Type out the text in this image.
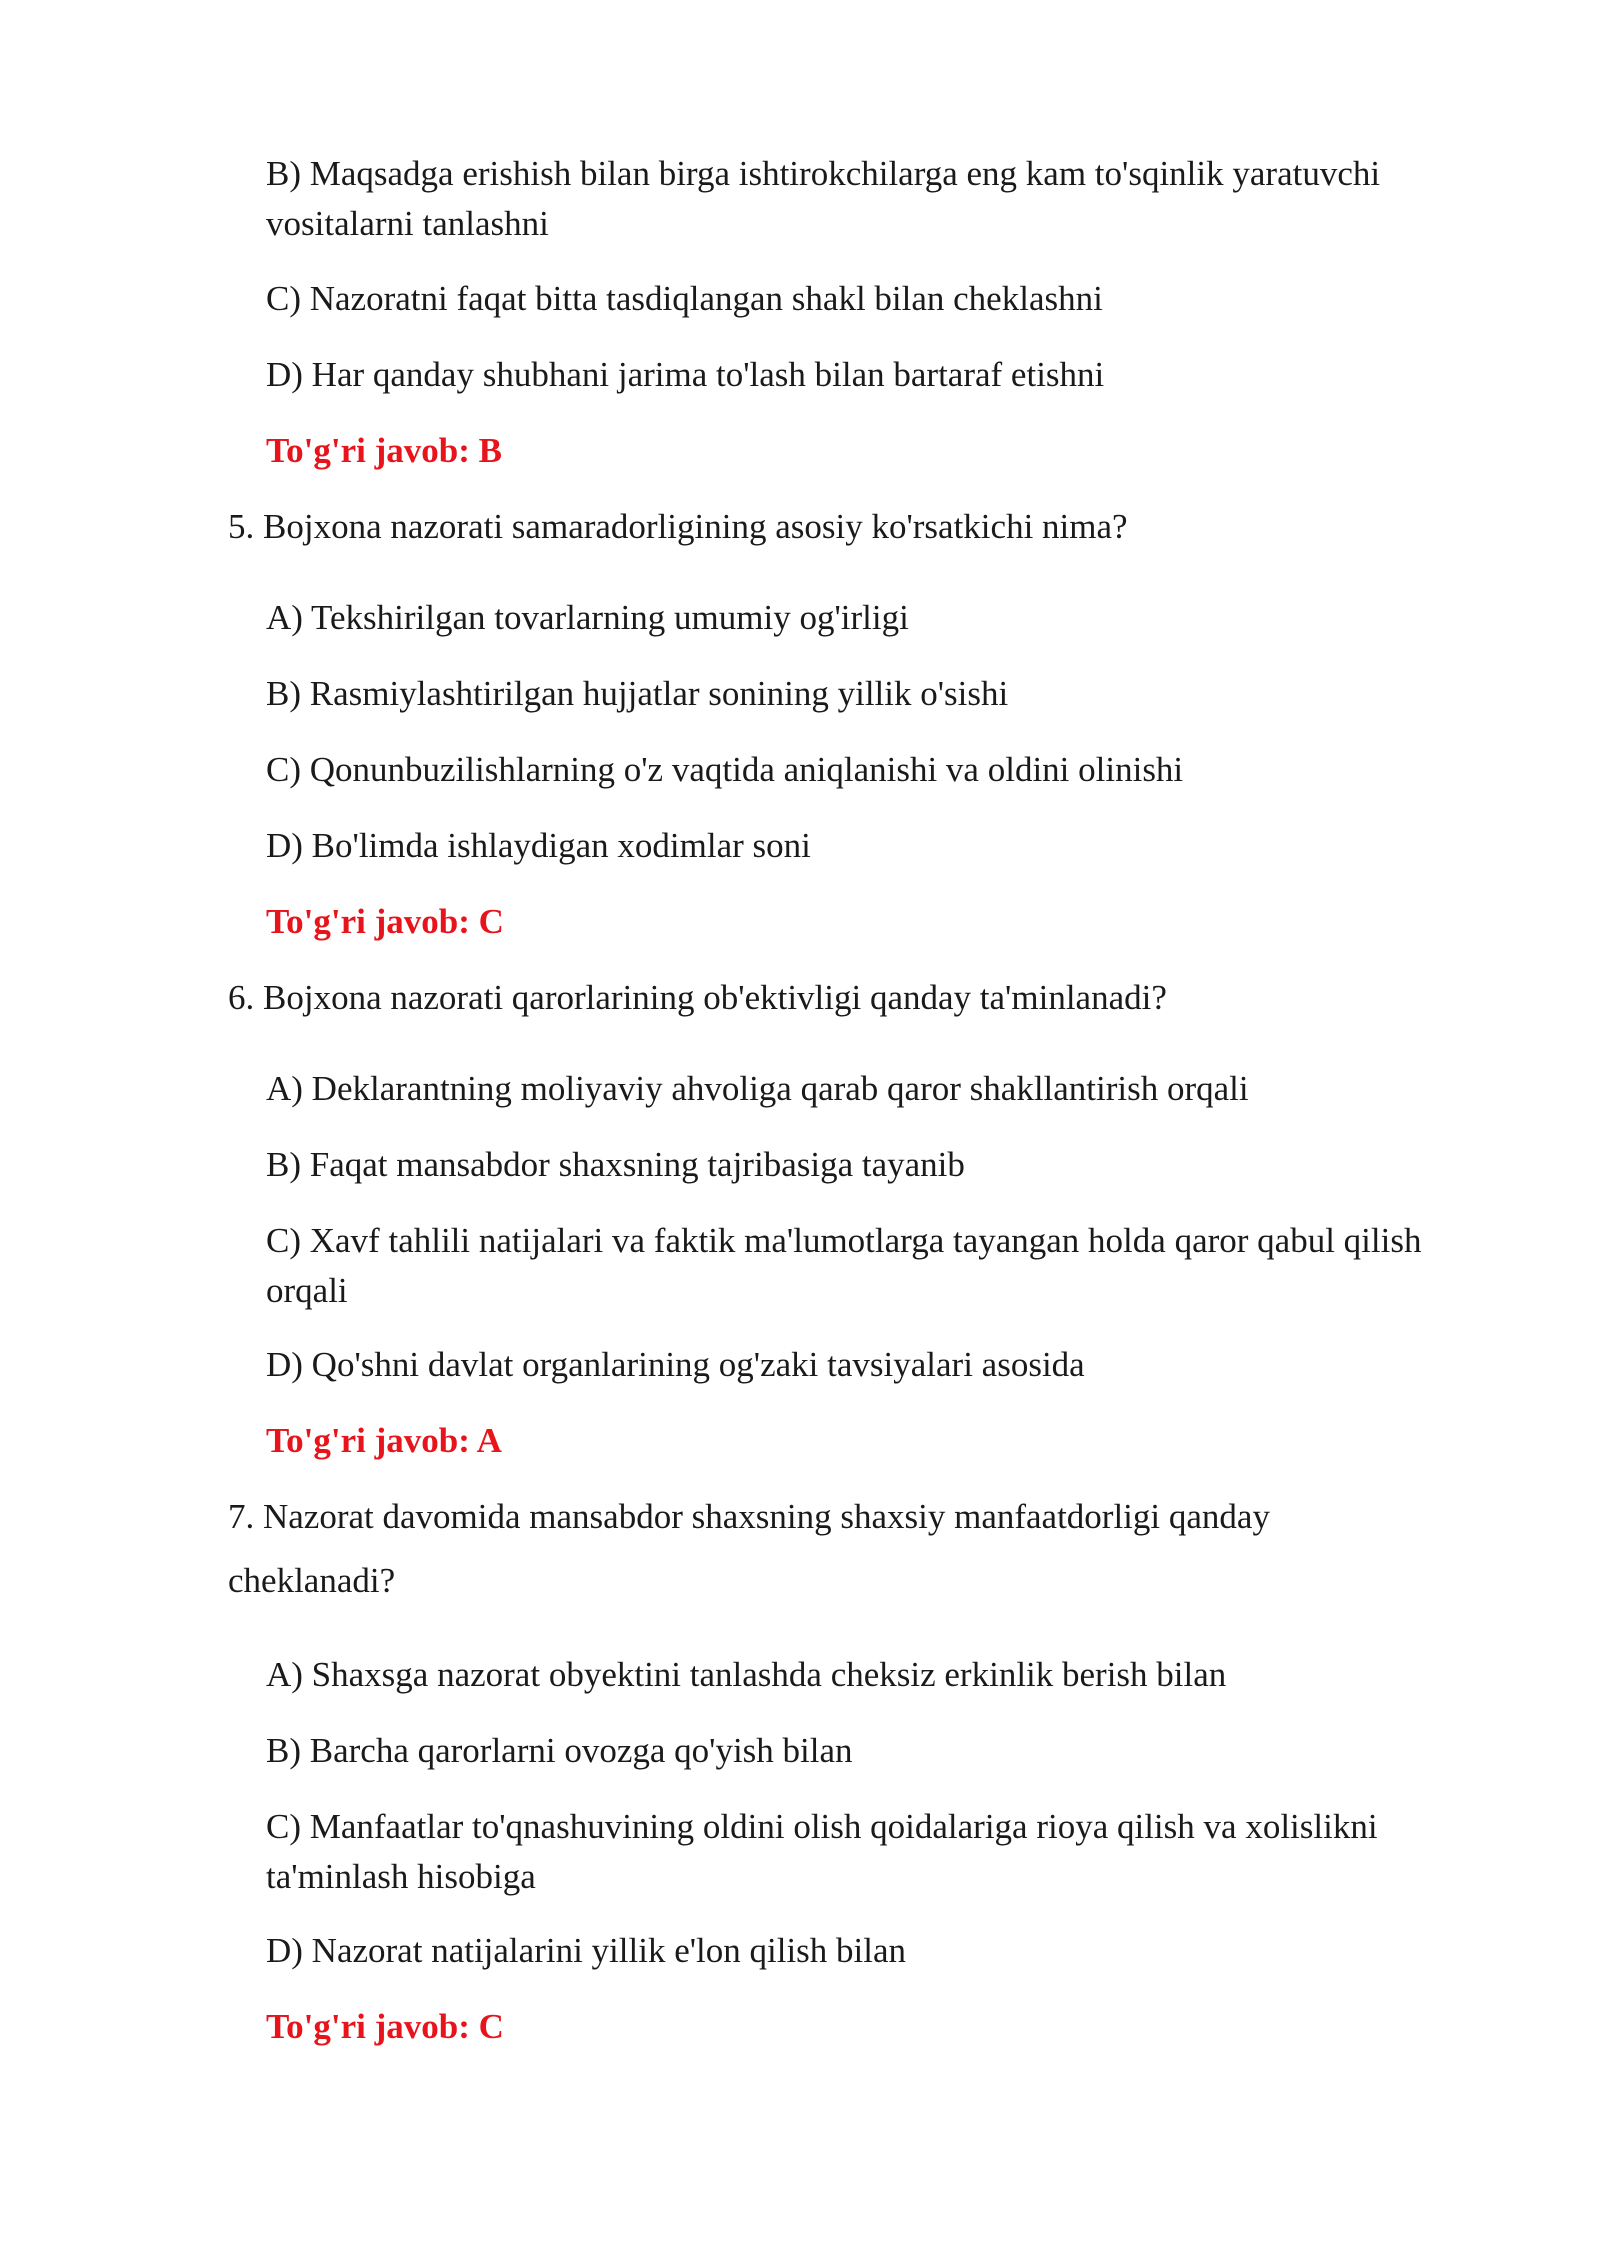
B) Maqsadga erishish bilan birga ishtirokchilarga eng kam to'sqinlik yaratuvchi vositalarni tanlashni

C) Nazoratni faqat bitta tasdiqlangan shakl bilan cheklashni

D) Har qanday shubhani jarima to'lash bilan bartaraf etishni

To'g'ri javob: B

5. Bojxona nazorati samaradorligining asosiy ko'rsatkichi nima?

A) Tekshirilgan tovarlarning umumiy og'irligi

B) Rasmiylashtirilgan hujjatlar sonining yillik o'sishi

C) Qonunbuzilishlarning o'z vaqtida aniqlanishi va oldini olinishi

D) Bo'limda ishlaydigan xodimlar soni

To'g'ri javob: C

6. Bojxona nazorati qarorlarining ob'ektivligi qanday ta'minlanadi?

A) Deklarantning moliyaviy ahvoliga qarab qaror shakllantirish orqali

B) Faqat mansabdor shaxsning tajribasiga tayanib

C) Xavf tahlili natijalari va faktik ma'lumotlarga tayangan holda qaror qabul qilish orqali

D) Qo'shni davlat organlarining og'zaki tavsiyalari asosida

To'g'ri javob: A

7. Nazorat davomida mansabdor shaxsning shaxsiy manfaatdorligi qanday cheklanadi?

A) Shaxsga nazorat obyektini tanlashda cheksiz erkinlik berish bilan

B) Barcha qarorlarni ovozga qo'yish bilan

C) Manfaatlar to'qnashuvining oldini olish qoidalariga rioya qilish va xolislikni ta'minlash hisobiga

D) Nazorat natijalarini yillik e'lon qilish bilan

To'g'ri javob: C
